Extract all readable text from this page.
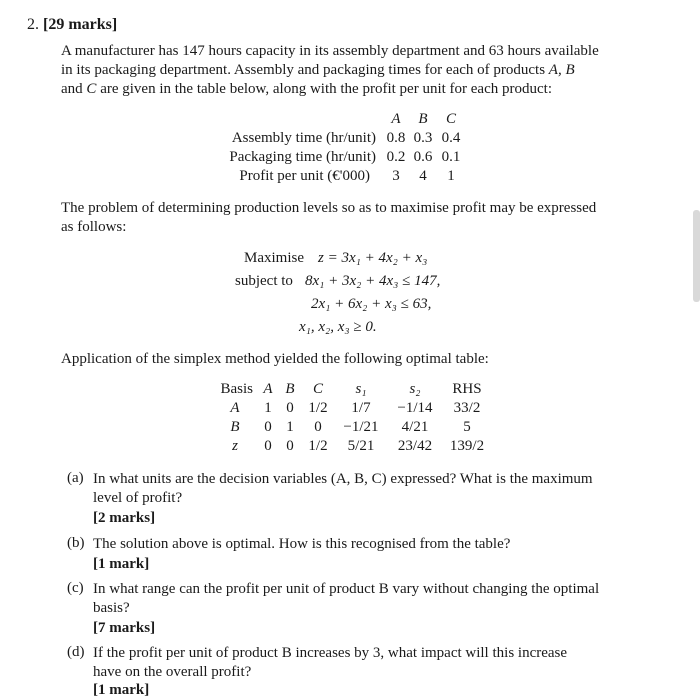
2. [29 marks]
A manufacturer has 147 hours capacity in its assembly department and 63 hours available
in its packaging department. Assembly and packaging times for each of products A, B
and C are given in the table below, along with the profit per unit for each product:
	A	B	C
Assembly time (hr/unit)	0.8	0.3	0.4
Packaging time (hr/unit)	0.2	0.6	0.1
Profit per unit (€'000)	3	4	1
The problem of determining production levels so as to maximise profit may be expressed
as follows:
Maximise z = 3x₁ + 4x₂ + x₃
subject to 8x₁ + 3x₂ + 4x₃ ≤ 147,
2x₁ + 6x₂ + x₃ ≤ 63,
x₁, x₂, x₃ ≥ 0.
Application of the simplex method yielded the following optimal table:
Basis	A	B	C	s₁	s₂	RHS
A	1	0	1/2	1/7	−1/14	33/2
B	0	1	0	−1/21	4/21	5
z	0	0	1/2	5/21	23/42	139/2
(a) In what units are the decision variables (A, B, C) expressed? What is the maximum
level of profit?
[2 marks]
(b) The solution above is optimal. How is this recognised from the table?
[1 mark]
(c) In what range can the profit per unit of product B vary without changing the optimal
basis?
[7 marks]
(d) If the profit per unit of product B increases by 3, what impact will this increase
have on the overall profit?
[1 mark]
